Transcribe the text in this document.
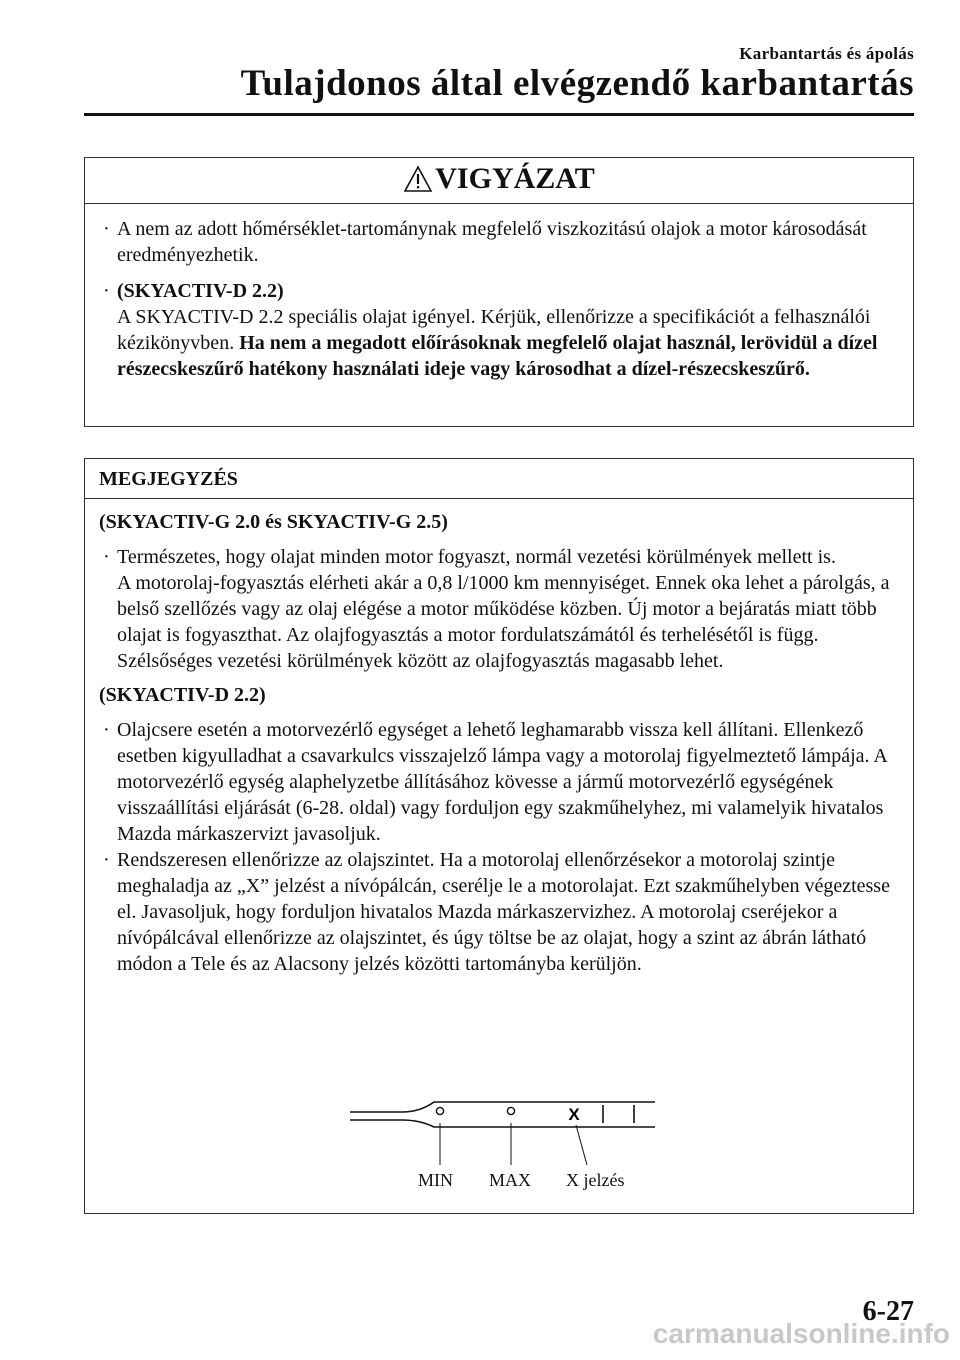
Karbantartás és ápolás
Tulajdonos által elvégzendő karbantartás
VIGYÁZAT
· A nem az adott hőmérséklet-tartománynak megfelelő viszkozitású olajok a motor károsodását eredményezhetik.
· (SKYACTIV-D 2.2)
A SKYACTIV-D 2.2 speciális olajat igényel. Kérjük, ellenőrizze a specifikációt a felhasználói kézikönyvben. Ha nem a megadott előírásoknak megfelelő olajat használ, lerövidül a dízel részecskeszűrő hatékony használati ideje vagy károsodhat a dízel-részecskeszűrő.
MEGJEGYZÉS
(SKYACTIV-G 2.0 és SKYACTIV-G 2.5)
· Természetes, hogy olajat minden motor fogyaszt, normál vezetési körülmények mellett is.
A motorolaj-fogyasztás elérheti akár a 0,8 l/1000 km mennyiséget. Ennek oka lehet a párolgás, a belső szellőzés vagy az olaj elégése a motor működése közben. Új motor a bejáratás miatt több olajat is fogyaszthat. Az olajfogyasztás a motor fordulatszámától és terhelésétől is függ. Szélsőséges vezetési körülmények között az olajfogyasztás magasabb lehet.
(SKYACTIV-D 2.2)
· Olajcsere esetén a motorvezérlő egységet a lehető leghamarabb vissza kell állítani. Ellenkező esetben kigyulladhat a csavarkulcs visszajelző lámpa vagy a motorolaj figyelmeztető lámpája. A motorvezérlő egység alaphelyzetbe állításához kövesse a jármű motorvezérlő egységének visszaállítási eljárását (6-28. oldal) vagy forduljon egy szakműhelyhez, mi valamelyik hivatalos Mazda márkaszervizt javasoljuk.
· Rendszeresen ellenőrizze az olajszintet. Ha a motorolaj ellenőrzésekor a motorolaj szintje meghaladja az „X” jelzést a nívópálcán, cserélje le a motorolajat. Ezt szakműhelyben végeztesse el. Javasoljuk, hogy forduljon hivatalos Mazda márkaszervizhez. A motorolaj cseréjekor a nívópálcával ellenőrizze az olajszintet, és úgy töltse be az olajat, hogy a szint az ábrán látható módon a Tele és az Alacsony jelzés közötti tartományba kerüljön.
X
MIN MAX X jelzés
6-27
carmanualsonline.info
